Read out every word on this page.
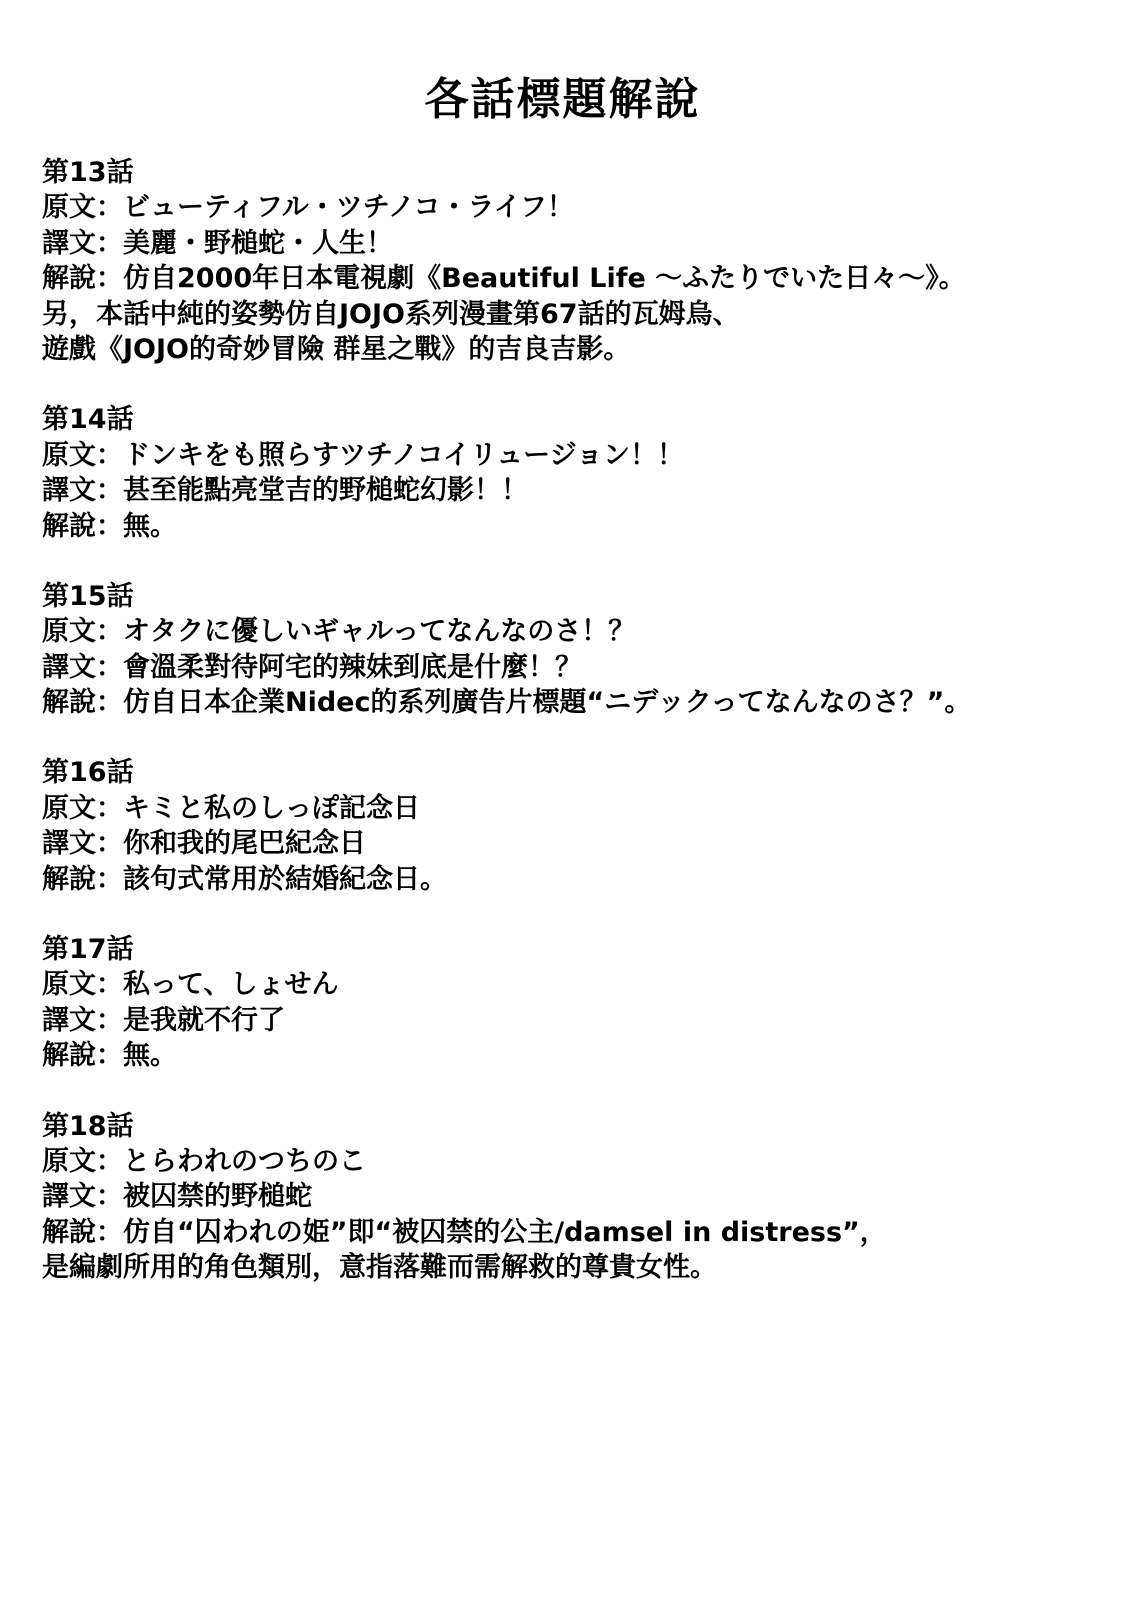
各話標題解說
第13話
原文 ： ビューティフル・ツチノコ・ライフ！
譯文 ： 美麗・野槌蛇・人生！
解說 ： 仿自2000年日本電視劇《Beautiful Life ～ふたりでいた日々～》。
另，本話中純的姿勢仿自JOJO系列漫畫第67話的瓦姆烏、
遊戲《JOJO的奇妙冒險 群星之戰》的吉良吉影。
第14話
原文 ： ドンキをも照らすツチノコイリュージョン！！
譯文 ： 甚至能點亮堂吉的野槌蛇幻影！！
解說 ： 無。
第15話
原文 ： オタクに優しいギャルってなんなのさ！？
譯文 ： 會溫柔對待阿宅的辣妹到底是什麼！？
解說 ： 仿自日本企業Nidec的系列廣告片標題“ニデックってなんなのさ？”。
第16話
原文 ： キミと私のしっぽ記念日
譯文 ： 你和我的尾巴紀念日
解說 ： 該句式常用於結婚紀念日。
第17話
原文 ： 私って、しょせん
譯文 ： 是我就不行了
解說 ： 無。
第18話
原文 ： とらわれのつちのこ
譯文 ： 被囚禁的野槌蛇
解說 ： 仿自“囚われの姫”即“被囚禁的公主/damsel in distress”，
是編劇所用的角色類別，意指落難而需解救的尊貴女性。
